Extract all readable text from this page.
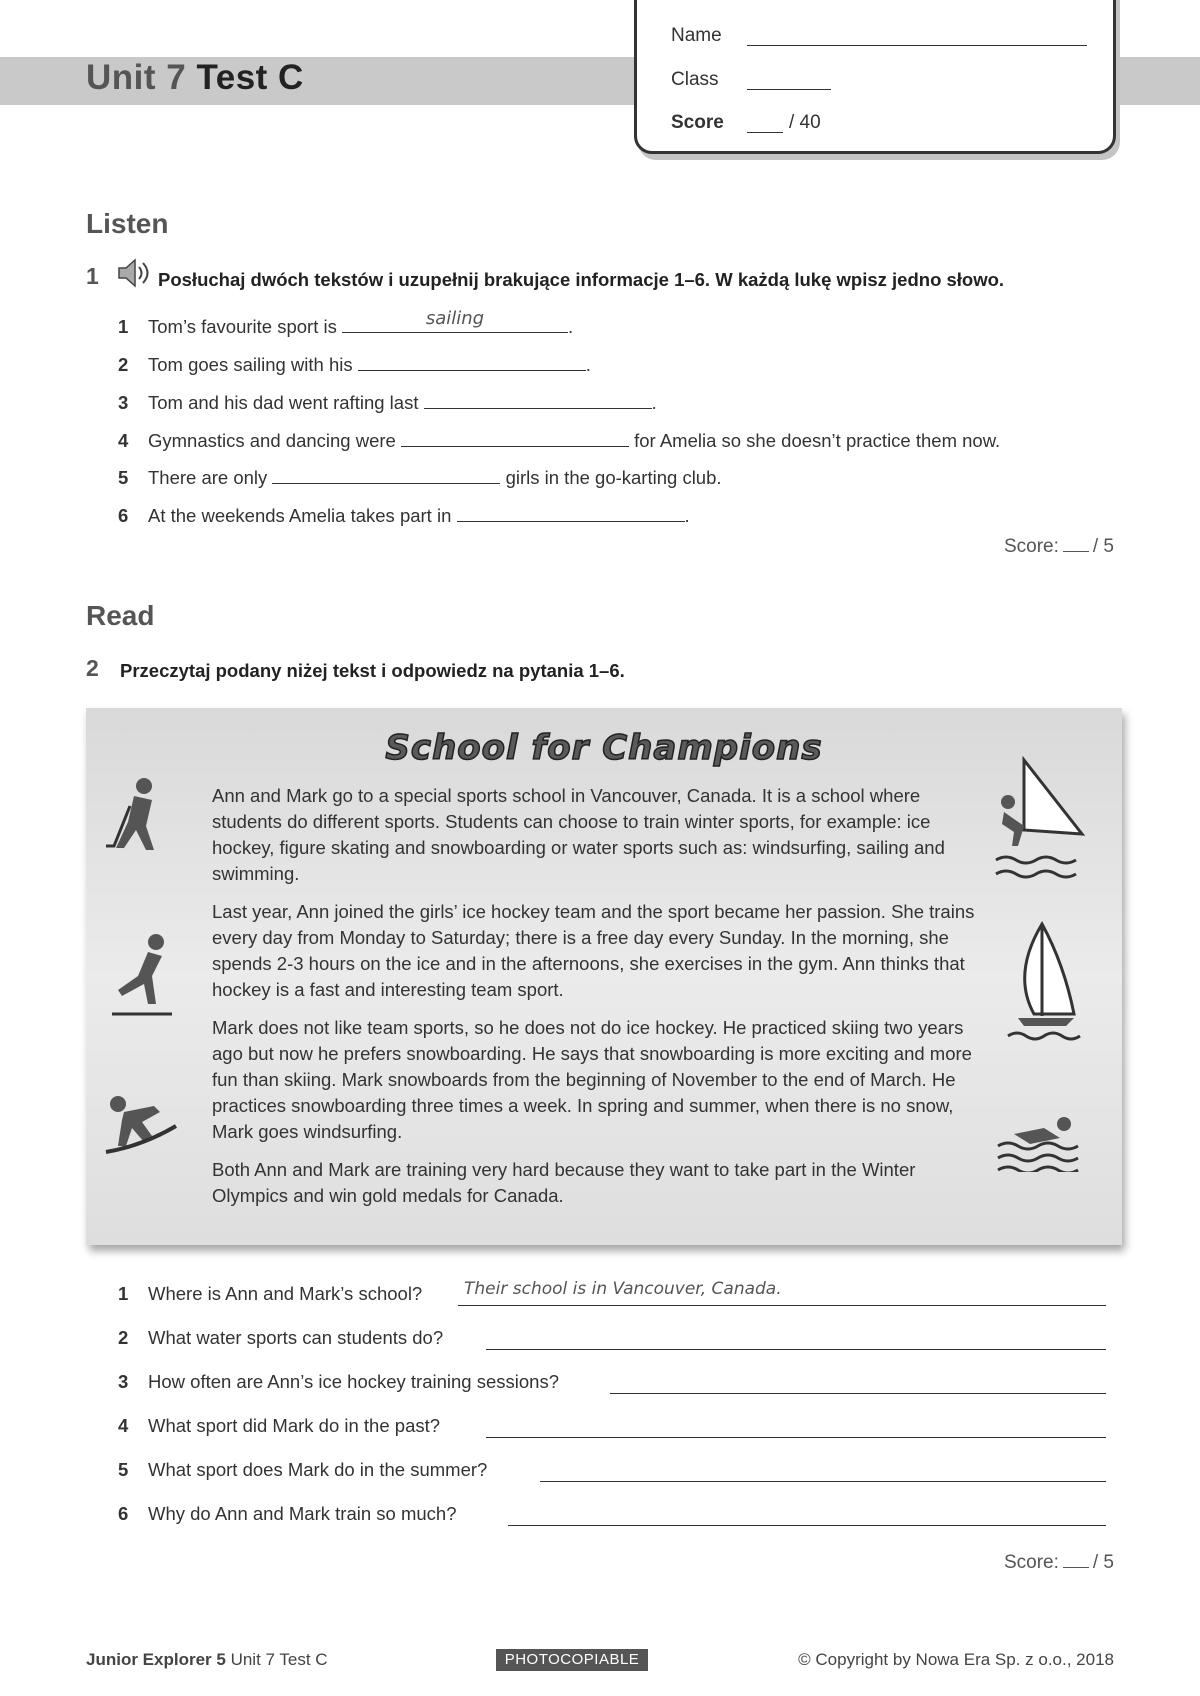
Unit 7 Test C
Name
Class
Score	/ 40
Listen
1	Posłuchaj dwóch tekstów i uzupełnij brakujące informacje 1–6. W każdą lukę wpisz jedno słowo.
1 Tom’s favourite sport is	sailing	.
2 Tom goes sailing with his	.
3 Tom and his dad went rafting last	.
4 Gymnastics and dancing were	for Amelia so she doesn’t practice them now.
5 There are only	girls in the go-karting club.
6 At the weekends Amelia takes part in	.
Score: / 5
Read
2 Przeczytaj podany niżej tekst i odpowiedz na pytania 1–6.
School for Champions

Ann and Mark go to a special sports school in Vancouver, Canada. It is a school where students do different sports. Students can choose to train winter sports, for example: ice hockey, figure skating and snowboarding or water sports such as: windsurfing, sailing and swimming.

Last year, Ann joined the girls’ ice hockey team and the sport became her passion. She trains every day from Monday to Saturday; there is a free day every Sunday. In the morning, she spends 2-3 hours on the ice and in the afternoons, she exercises in the gym. Ann thinks that hockey is a fast and interesting team sport.

Mark does not like team sports, so he does not do ice hockey. He practiced skiing two years ago but now he prefers snowboarding. He says that snowboarding is more exciting and more fun than skiing. Mark snowboards from the beginning of November to the end of March. He practices snowboarding three times a week. In spring and summer, when there is no snow, Mark goes windsurfing.

Both Ann and Mark are training very hard because they want to take part in the Winter Olympics and win gold medals for Canada.

1 Where is Ann and Mark’s school? Their school is in Vancouver, Canada.
2 What water sports can students do?
3 How often are Ann’s ice hockey training sessions?
4 What sport did Mark do in the past?
5 What sport does Mark do in the summer?
6 Why do Ann and Mark train so much?
Score: / 5
Junior Explorer 5 Unit 7 Test C	PHOTOCOPIABLE	© Copyright by Nowa Era Sp. z o.o., 2018
